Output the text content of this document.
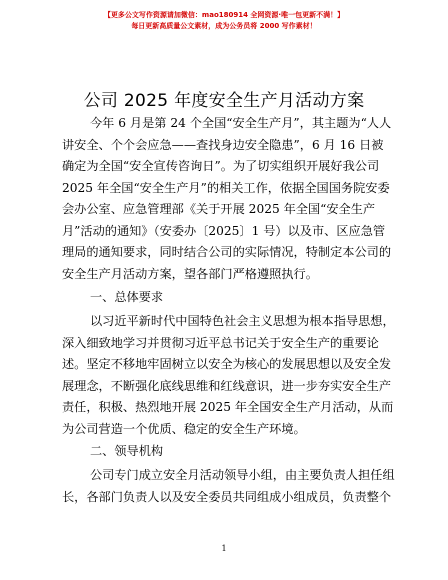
【更多公文写作资源请加微信：mao180914 全网资源·唯一包更新不满！】
每日更新高质量公文素材，成为公务员将 2000 写作素材！
公司 2025 年度安全生产月活动方案
今年 6 月是第 24 个全国“安全生产月”，其主题为“人人
讲安全、个个会应急——查找身边安全隐患”，6 月 16 日被
确定为全国“安全宣传咨询日”。为了切实组织开展好我公司
2025 年全国“安全生产月”的相关工作，依据全国国务院安委
会办公室、应急管理部《关于开展 2025 年全国“安全生产
月”活动的通知》（安委办〔2025〕1 号）以及市、区应急管
理局的通知要求，同时结合公司的实际情况，特制定本公司的
安全生产月活动方案，望各部门严格遵照执行。
一、总体要求
以习近平新时代中国特色社会主义思想为根本指导思想，
深入细致地学习并贯彻习近平总书记关于安全生产的重要论
述。坚定不移地牢固树立以安全为核心的发展思想以及安全发
展理念，不断强化底线思维和红线意识，进一步夯实安全生产
责任，积极、热烈地开展 2025 年全国安全生产月活动，从而
为公司营造一个优质、稳定的安全生产环境。
二、领导机构
公司专门成立安全月活动领导小组，由主要负责人担任组
长，各部门负责人以及安全委员共同组成小组成员，负责整个
1
